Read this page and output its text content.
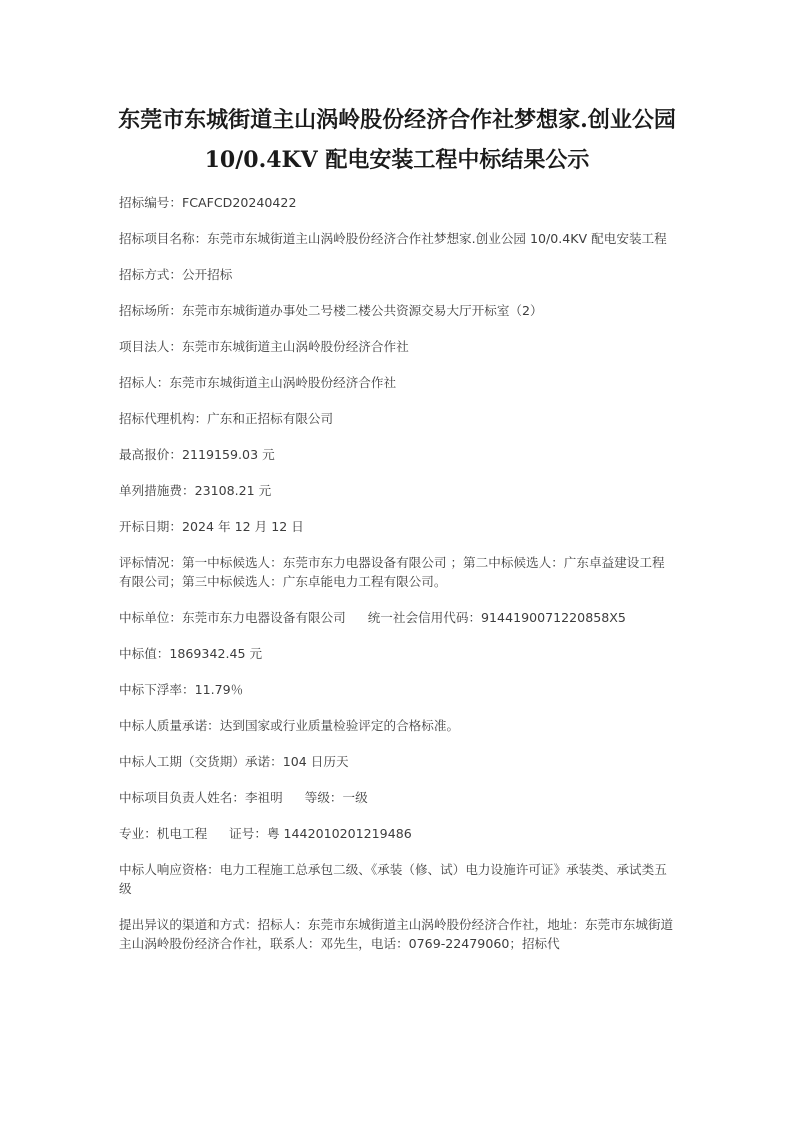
东莞市东城街道主山涡岭股份经济合作社梦想家.创业公园 10/0.4KV 配电安装工程中标结果公示
招标编号：FCAFCD20240422
招标项目名称：东莞市东城街道主山涡岭股份经济合作社梦想家.创业公园 10/0.4KV 配电安装工程
招标方式：公开招标
招标场所：东莞市东城街道办事处二号楼二楼公共资源交易大厅开标室（2）
项目法人：东莞市东城街道主山涡岭股份经济合作社
招标人：东莞市东城街道主山涡岭股份经济合作社
招标代理机构：广东和正招标有限公司
最高报价：2119159.03 元
单列措施费：23108.21 元
开标日期：2024 年 12 月 12 日
评标情况：第一中标候选人：东莞市东力电器设备有限公司 ；第二中标候选人：广东卓益建设工程有限公司；第三中标候选人：广东卓能电力工程有限公司。
中标单位：东莞市东力电器设备有限公司 统一社会信用代码：9144190071220858X5
中标值：1869342.45 元
中标下浮率：11.79％
中标人质量承诺：达到国家或行业质量检验评定的合格标准。
中标人工期（交货期）承诺：104 日历天
中标项目负责人姓名：李祖明 等级：一级
专业：机电工程 证号：粤 1442010201219486
中标人响应资格：电力工程施工总承包二级、《承装（修、试）电力设施许可证》承装类、承试类五级
提出异议的渠道和方式：招标人：东莞市东城街道主山涡岭股份经济合作社，地址：东莞市东城街道主山涡岭股份经济合作社，联系人：邓先生，电话：0769-22479060；招标代
